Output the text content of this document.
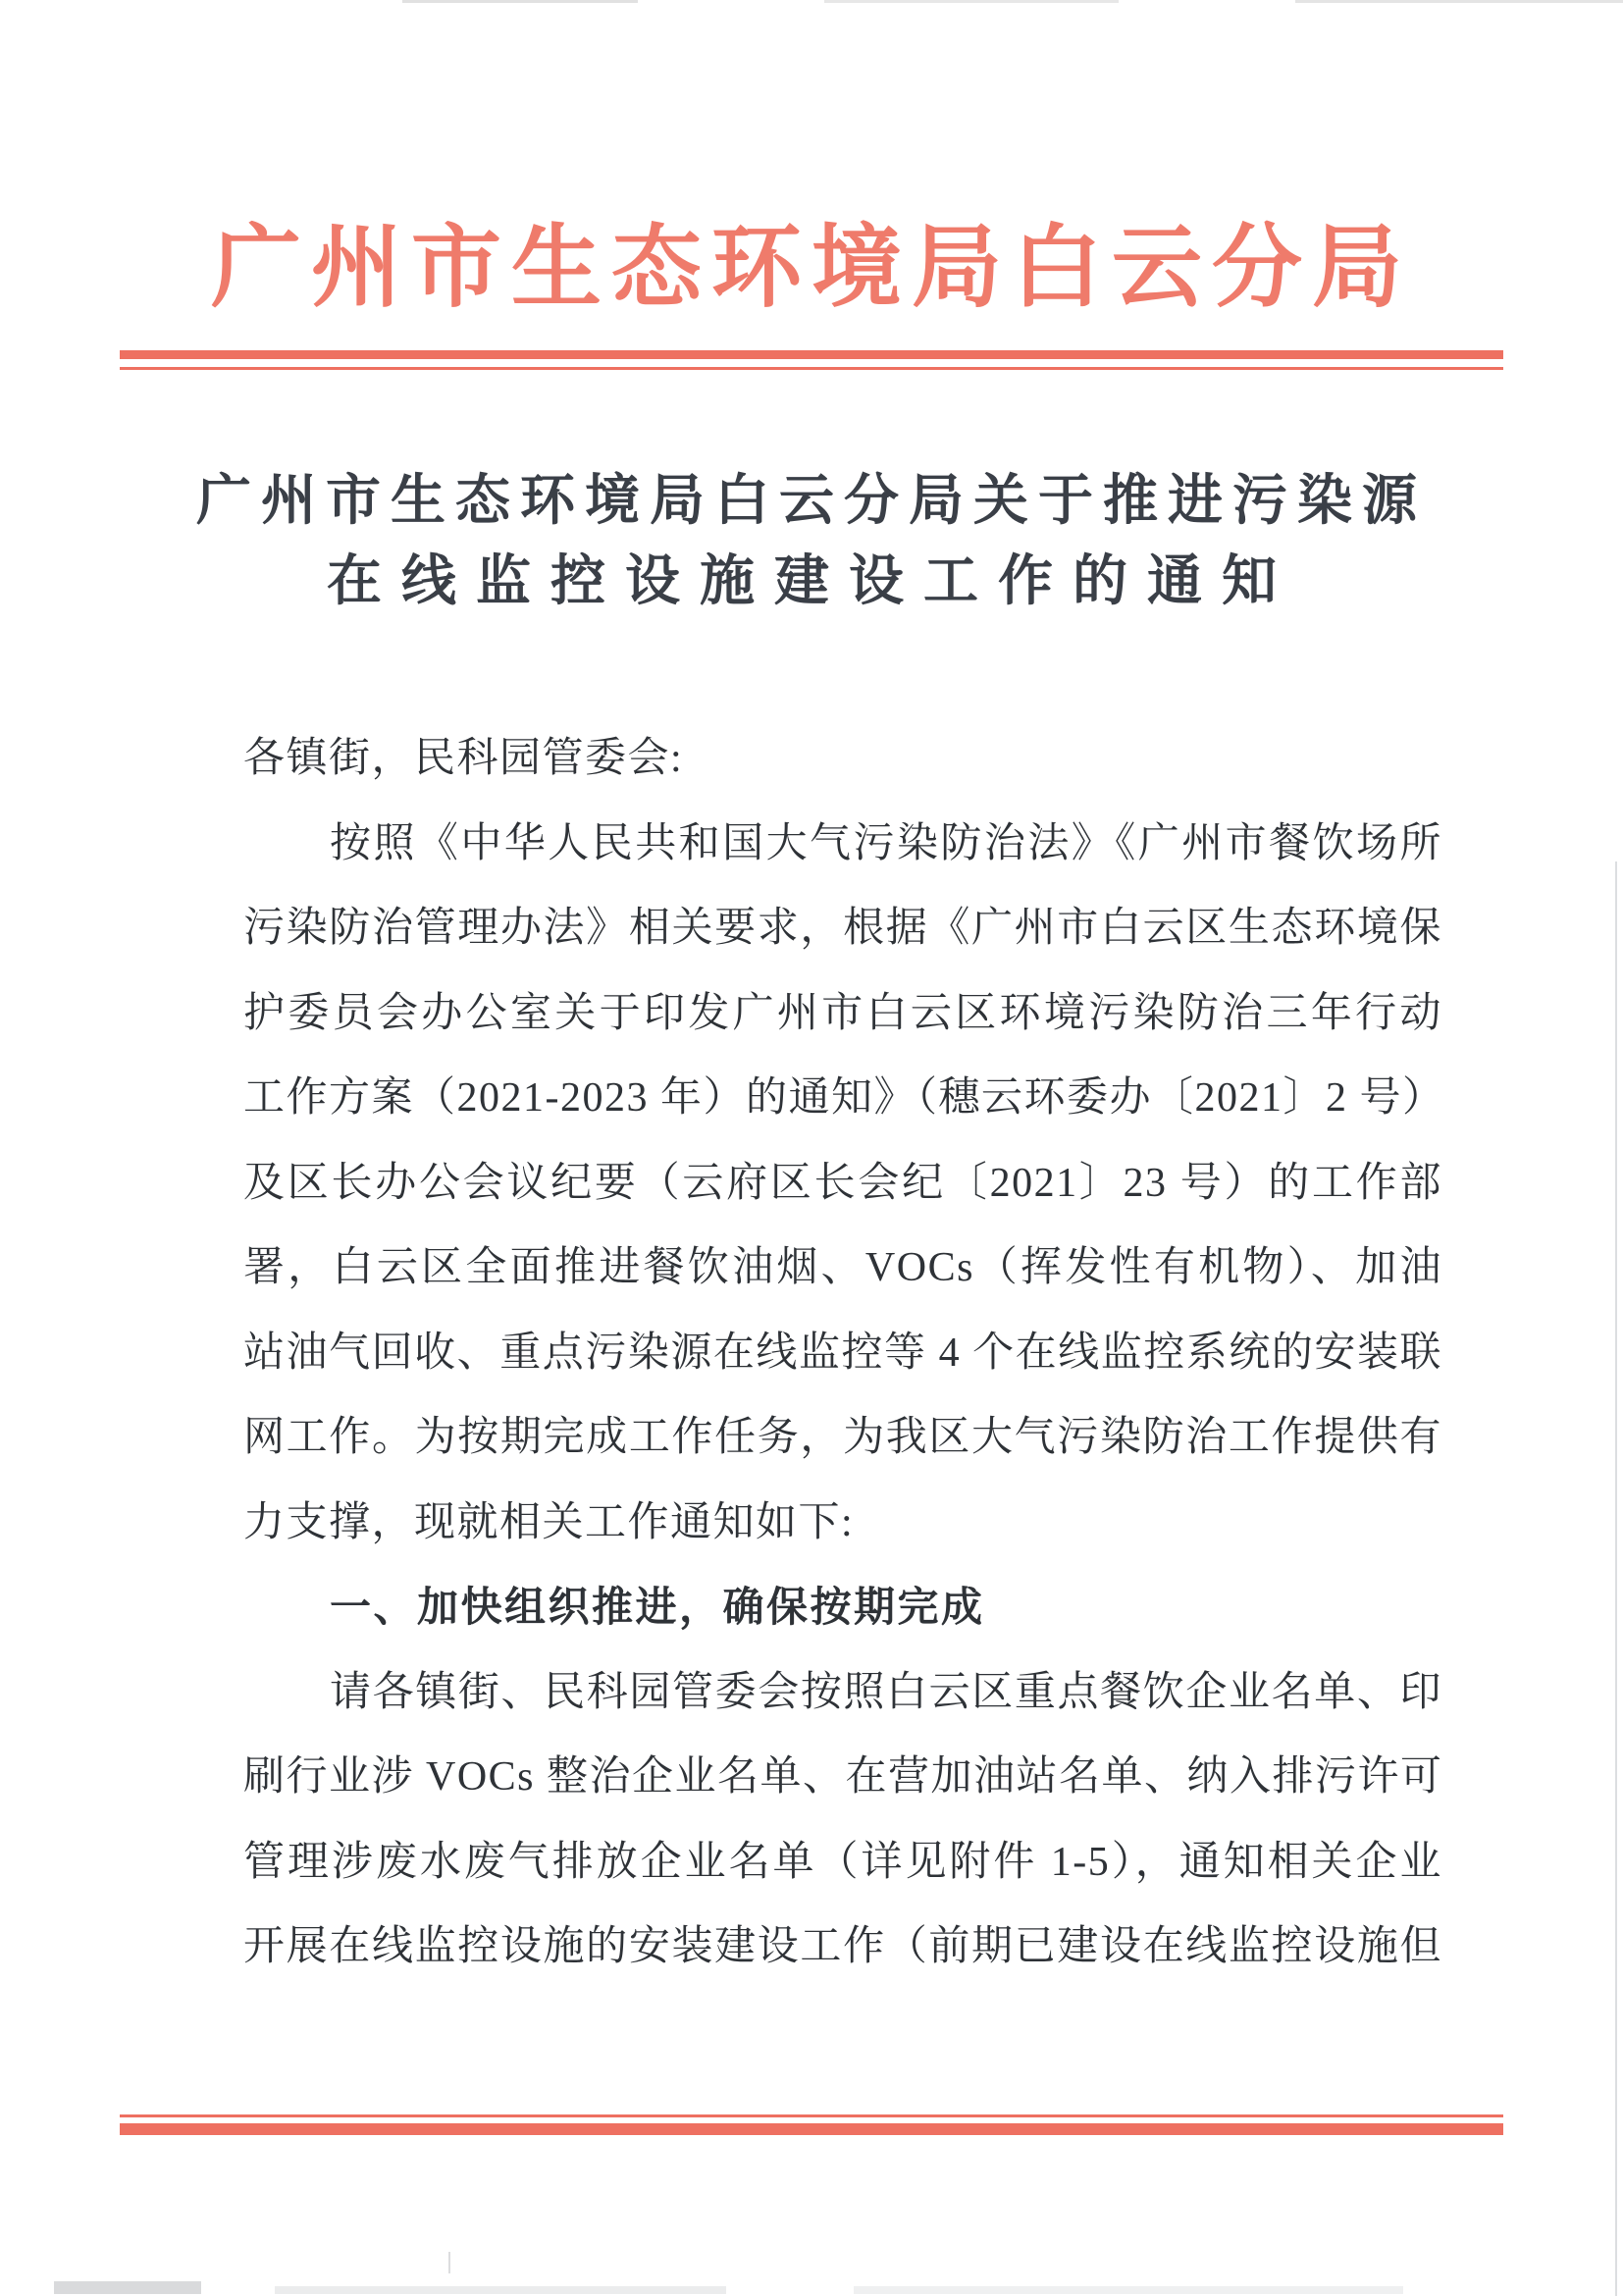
广州市生态环境局白云分局
广州市生态环境局白云分局关于推进污染源
在线监控设施建设工作的通知
各镇街，民科园管委会:
按照《中华人民共和国大气污染防治法》《广州市餐饮场所
污染防治管理办法》相关要求，根据《广州市白云区生态环境保
护委员会办公室关于印发广州市白云区环境污染防治三年行动
工作方案（2021-2023 年）的通知》（穗云环委办〔2021〕2 号）
及区长办公会议纪要（云府区长会纪〔2021〕23 号）的工作部
署，白云区全面推进餐饮油烟、VOCs（挥发性有机物）、加油
站油气回收、重点污染源在线监控等 4 个在线监控系统的安装联
网工作。为按期完成工作任务，为我区大气污染防治工作提供有
力支撑，现就相关工作通知如下:
一、加快组织推进，确保按期完成
请各镇街、民科园管委会按照白云区重点餐饮企业名单、印
刷行业涉 VOCs 整治企业名单、在营加油站名单、纳入排污许可
管理涉废水废气排放企业名单（详见附件 1-5），通知相关企业
开展在线监控设施的安装建设工作（前期已建设在线监控设施但
